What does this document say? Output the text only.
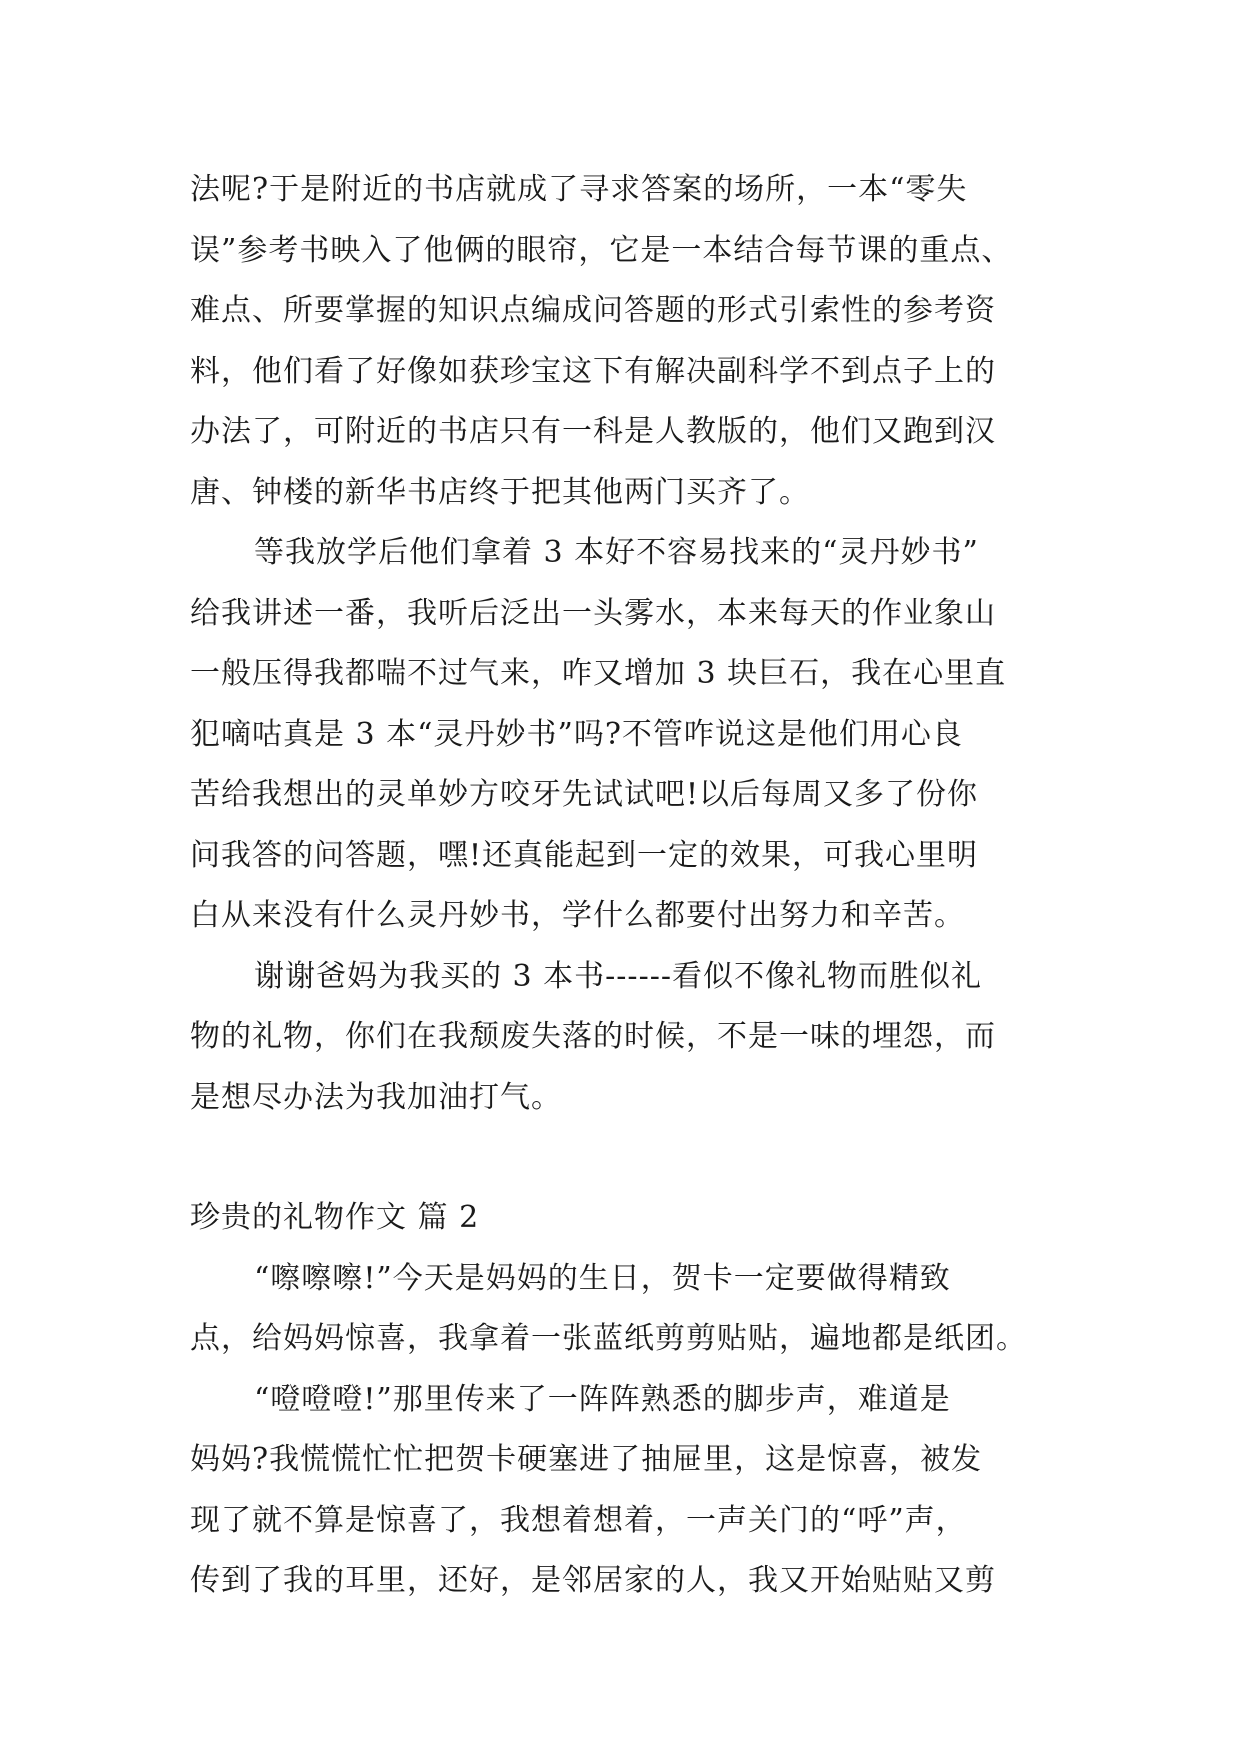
法呢?于是附近的书店就成了寻求答案的场所，一本“零失
误”参考书映入了他俩的眼帘，它是一本结合每节课的重点、
难点、所要掌握的知识点编成问答题的形式引索性的参考资
料，他们看了好像如获珍宝这下有解决副科学不到点子上的
办法了，可附近的书店只有一科是人教版的，他们又跑到汉
唐、钟楼的新华书店终于把其他两门买齐了。
等我放学后他们拿着 3 本好不容易找来的“灵丹妙书”
给我讲述一番，我听后泛出一头雾水，本来每天的作业象山
一般压得我都喘不过气来，咋又增加 3 块巨石，我在心里直
犯嘀咕真是 3 本“灵丹妙书”吗?不管咋说这是他们用心良
苦给我想出的灵单妙方咬牙先试试吧!以后每周又多了份你
问我答的问答题，嘿!还真能起到一定的效果，可我心里明
白从来没有什么灵丹妙书，学什么都要付出努力和辛苦。
谢谢爸妈为我买的 3 本书------看似不像礼物而胜似礼
物的礼物，你们在我颓废失落的时候，不是一味的埋怨，而
是想尽办法为我加油打气。
珍贵的礼物作文 篇 2
“嚓嚓嚓!”今天是妈妈的生日，贺卡一定要做得精致
点，给妈妈惊喜，我拿着一张蓝纸剪剪贴贴，遍地都是纸团。
“噔噔噔!”那里传来了一阵阵熟悉的脚步声，难道是
妈妈?我慌慌忙忙把贺卡硬塞进了抽屉里，这是惊喜，被发
现了就不算是惊喜了，我想着想着，一声关门的“呼”声，
传到了我的耳里，还好，是邻居家的人，我又开始贴贴又剪
